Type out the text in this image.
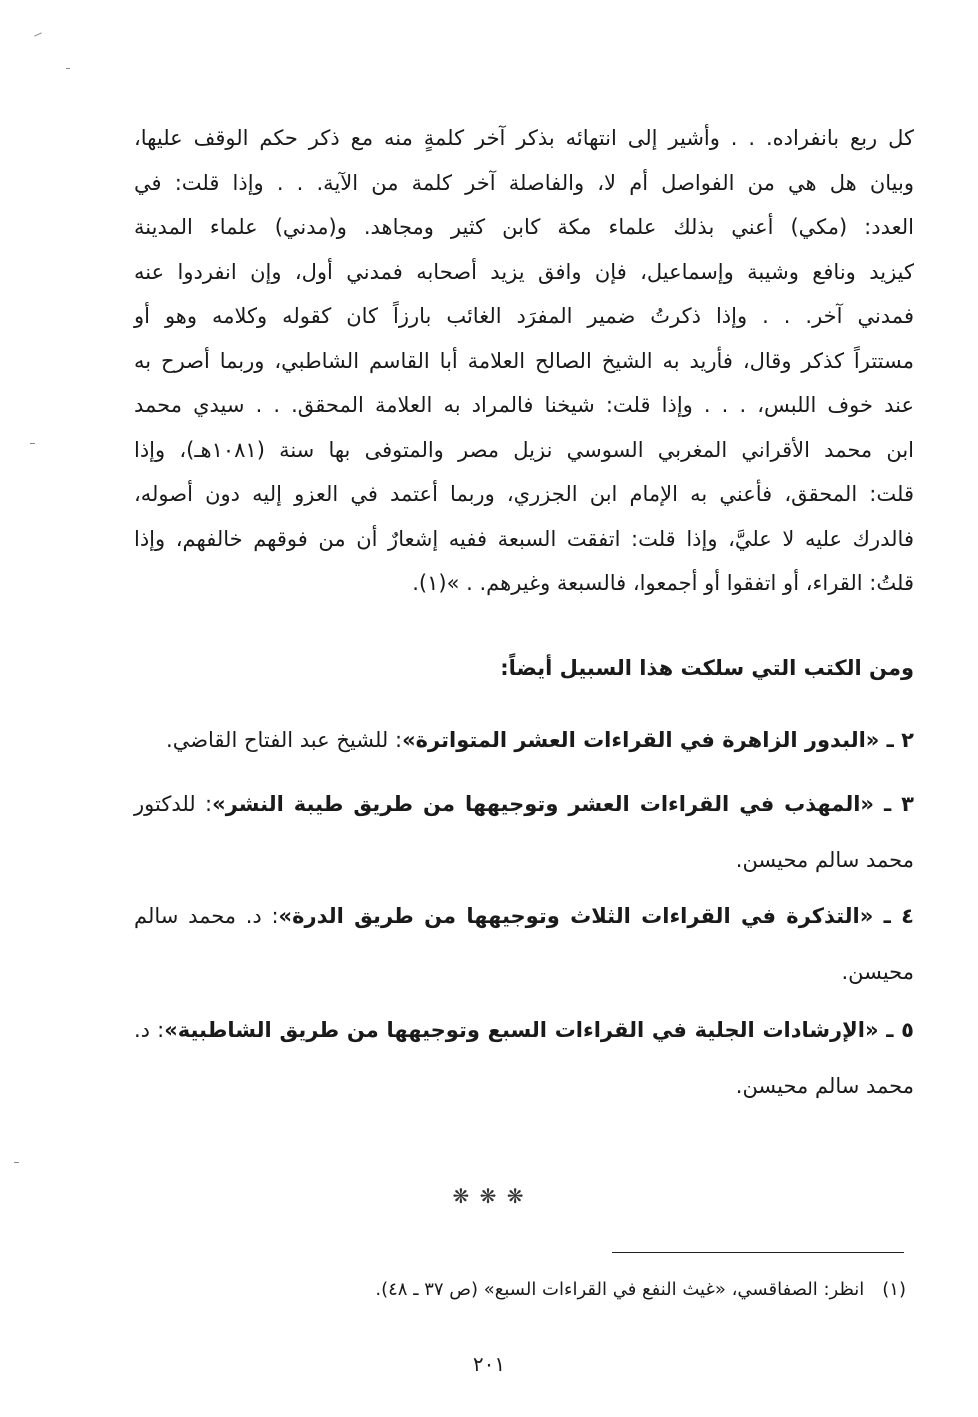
كل ربع بانفراده. . . وأشير إلى انتهائه بذكر آخر كلمةٍ منه مع ذكر حكم الوقف عليها،
وبيان هل هي من الفواصل أم لا، والفاصلة آخر كلمة من الآية. . . وإذا قلت: في
العدد: (مكي) أعني بذلك علماء مكة كابن كثير ومجاهد. و(مدني) علماء المدينة
كيزيد ونافع وشيبة وإسماعيل، فإن وافق يزيد أصحابه فمدني أول، وإن انفردوا عنه
فمدني آخر. . . وإذا ذكرتُ ضمير المفرَد الغائب بارزاً كان كقوله وكلامه وهو أو
مستتراً كذكر وقال، فأريد به الشيخ الصالح العلامة أبا القاسم الشاطبي، وربما أصرح به
عند خوف اللبس، . . . وإذا قلت: شيخنا فالمراد به العلامة المحقق. . . سيدي محمد
ابن محمد الأقراني المغربي السوسي نزيل مصر والمتوفى بها سنة (١٠٨١هـ)، وإذا
قلت: المحقق، فأعني به الإمام ابن الجزري، وربما أعتمد في العزو إليه دون أصوله،
فالدرك عليه لا عليَّ، وإذا قلت: اتفقت السبعة ففيه إشعارٌ أن من فوقهم خالفهم، وإذا
قلتُ: القراء، أو اتفقوا أو أجمعوا، فالسبعة وغيرهم. . »(١).
ومن الكتب التي سلكت هذا السبيل أيضاً:
٢ ـ «البدور الزاهرة في القراءات العشر المتواترة»: للشيخ عبد الفتاح القاضي.
٣ ـ «المهذب في القراءات العشر وتوجيهها من طريق طيبة النشر»: للدكتور محمد سالم محيسن.
٤ ـ «التذكرة في القراءات الثلاث وتوجيهها من طريق الدرة»: د. محمد سالم محيسن.
٥ ـ «الإرشادات الجلية في القراءات السبع وتوجيهها من طريق الشاطبية»: د. محمد سالم محيسن.
❋ ❋ ❋
(١)انظر: الصفاقسي، «غيث النفع في القراءات السبع» (ص ٣٧ ـ ٤٨).
٢٠١
